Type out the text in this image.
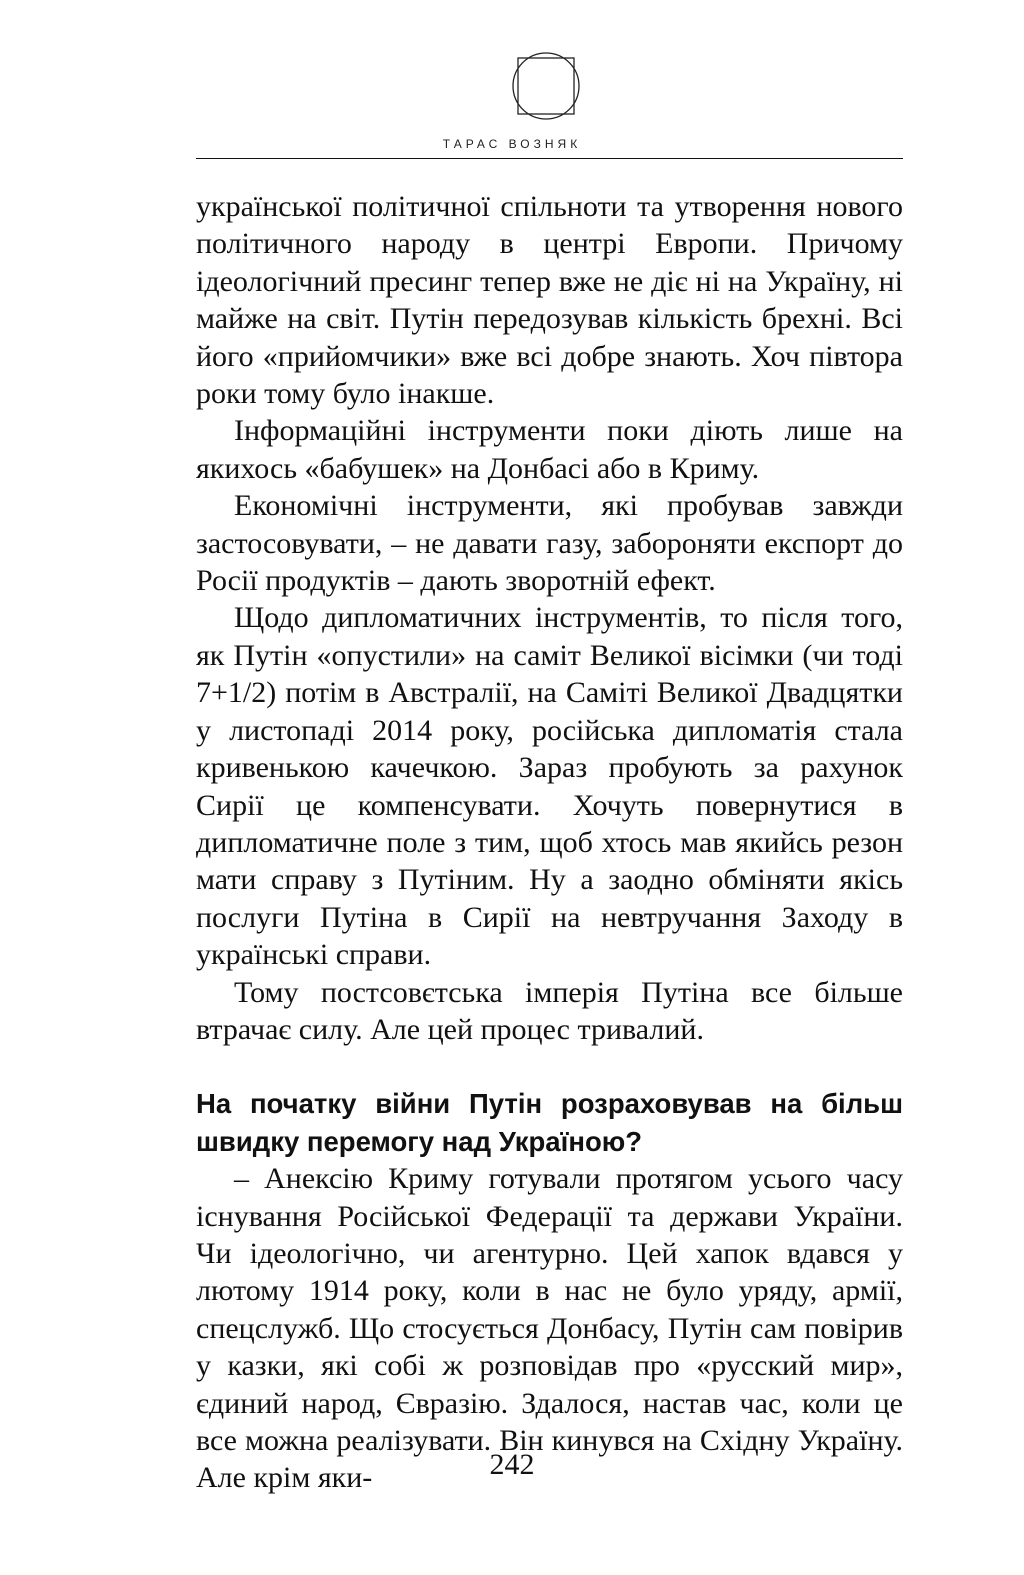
ТАРАС ВОЗНЯК

української політичної спільноти та утворення нового політичного народу в центрі Европи. Причому ідеологічний пресинг тепер вже не діє ні на Україну, ні майже на світ. Путін передозував кількість брехні. Всі його «прийомчики» вже всі добре знають. Хоч півтора роки тому було інакше.

Інформаційні інструменти поки діють лише на якихось «бабушек» на Донбасі або в Криму.

Економічні інструменти, які пробував завжди застосовувати, – не давати газу, забороняти експорт до Росії продуктів – дають зворотній ефект.

Щодо дипломатичних інструментів, то після того, як Путін «опустили» на саміт Великої вісімки (чи тоді 7+1/2) потім в Австралії, на Саміті Великої Двадцятки у листопаді 2014 року, російська дипломатія стала кривенькою качечкою. Зараз пробують за рахунок Сирії це компенсувати. Хочуть повернутися в дипломатичне поле з тим, щоб хтось мав якийсь резон мати справу з Путіним. Ну а заодно обміняти якісь послуги Путіна в Сирії на невтручання Заходу в українські справи.

Тому постсовєтська імперія Путіна все більше втрачає силу. Але цей процес тривалий.

На початку війни Путін розраховував на більш швидку перемогу над Україною?

– Анексію Криму готували протягом усього часу існування Російської Федерації та держави України. Чи ідеологічно, чи агентурно. Цей хапок вдався у лютому 1914 року, коли в нас не було уряду, армії, спецслужб. Що стосується Донбасу, Путін сам повірив у казки, які собі ж розповідав про «русский мир», єдиний народ, Євразію. Здалося, настав час, коли це все можна реалізувати. Він кинувся на Східну Україну. Але крім яки-	242
